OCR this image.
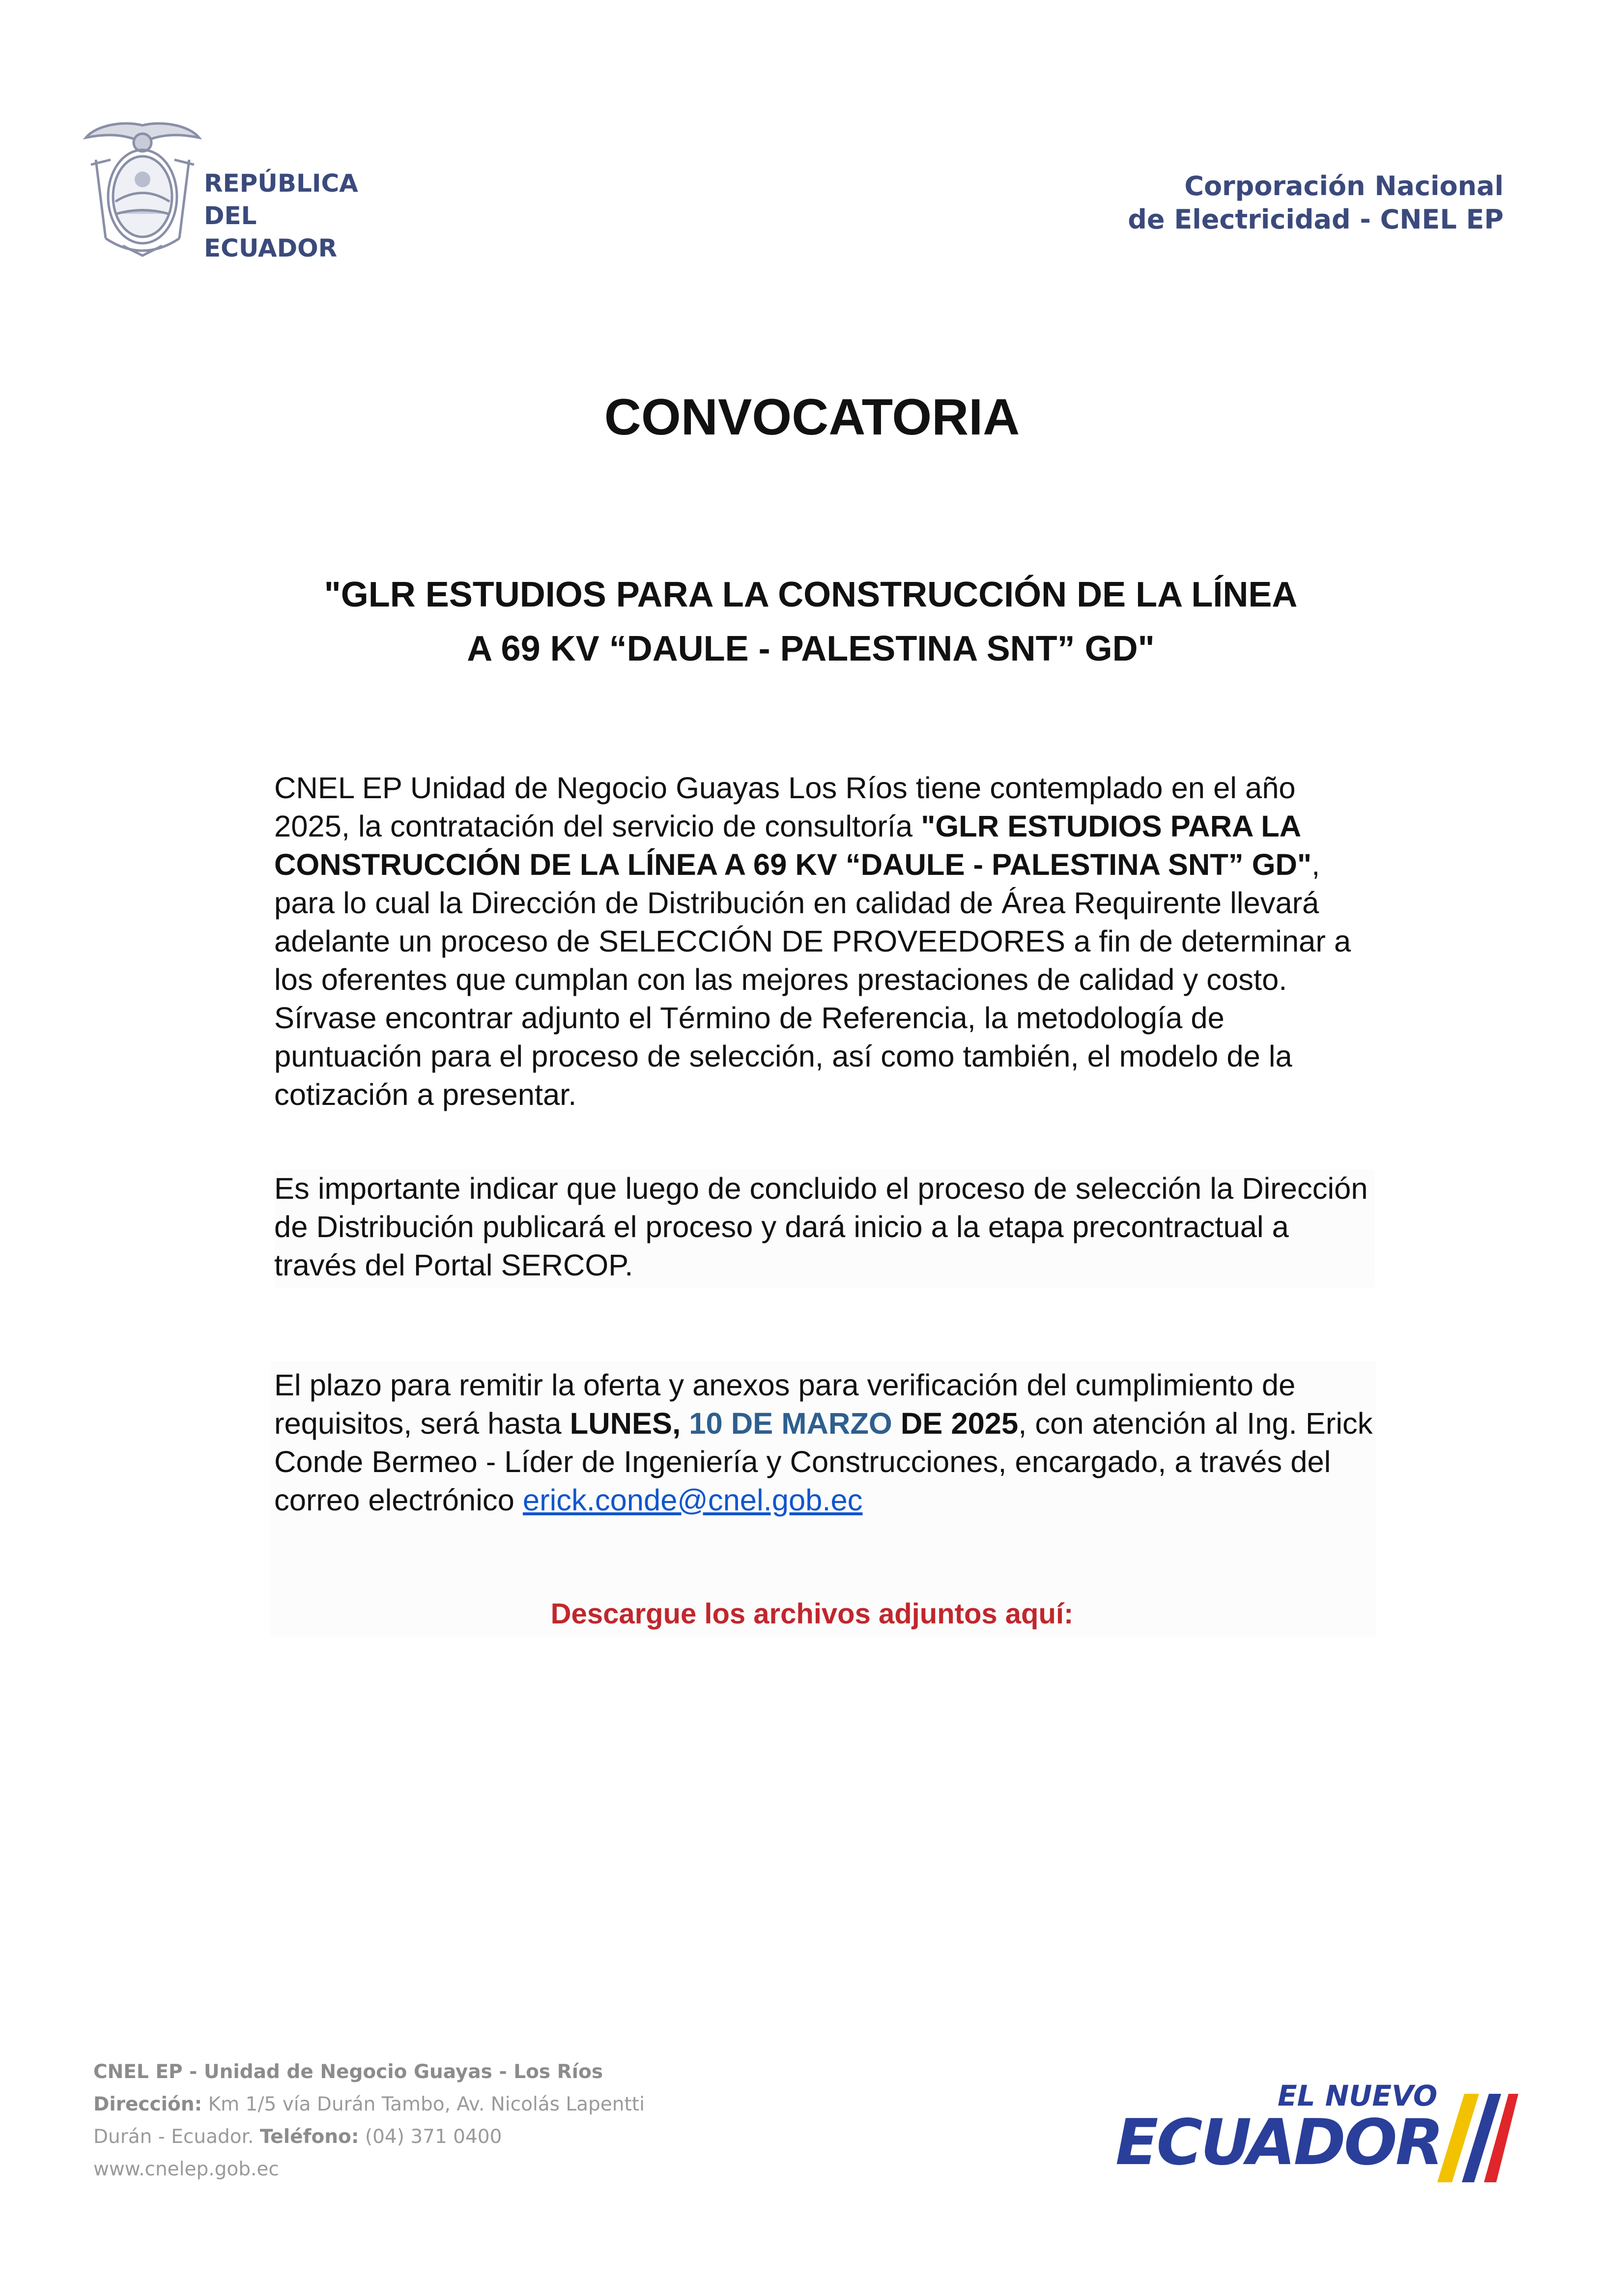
REPÚBLICA
DEL ECUADOR
Corporación Nacional
de Electricidad - CNEL EP
CONVOCATORIA
"GLR ESTUDIOS PARA LA CONSTRUCCIÓN DE LA LÍNEA
A 69 KV “DAULE - PALESTINA SNT” GD"
CNEL EP Unidad de Negocio Guayas Los Ríos tiene contemplado en el año 2025, la contratación del servicio de consultoría "GLR ESTUDIOS PARA LA CONSTRUCCIÓN DE LA LÍNEA A 69 KV “DAULE - PALESTINA SNT” GD", para lo cual la Dirección de Distribución en calidad de Área Requirente llevará adelante un proceso de SELECCIÓN DE PROVEEDORES a fin de determinar a los oferentes que cumplan con las mejores prestaciones de calidad y costo. Sírvase encontrar adjunto el Término de Referencia, la metodología de puntuación para el proceso de selección, así como también, el modelo de la cotización a presentar.
Es importante indicar que luego de concluido el proceso de selección la Dirección de Distribución publicará el proceso y dará inicio a la etapa precontractual a través del Portal SERCOP.
El plazo para remitir la oferta y anexos para verificación del cumplimiento de requisitos, será hasta LUNES, 10 DE MARZO DE 2025, con atención al Ing. Erick Conde Bermeo - Líder de Ingeniería y Construcciones, encargado, a través del correo electrónico erick.conde@cnel.gob.ec
Descargue los archivos adjuntos aquí:
CNEL EP - Unidad de Negocio Guayas - Los Ríos
Dirección: Km 1/5 vía Durán Tambo, Av. Nicolás Lapentti
Durán - Ecuador. Teléfono: (04) 371 0400
www.cnelep.gob.ec
EL NUEVO
ECUADOR
